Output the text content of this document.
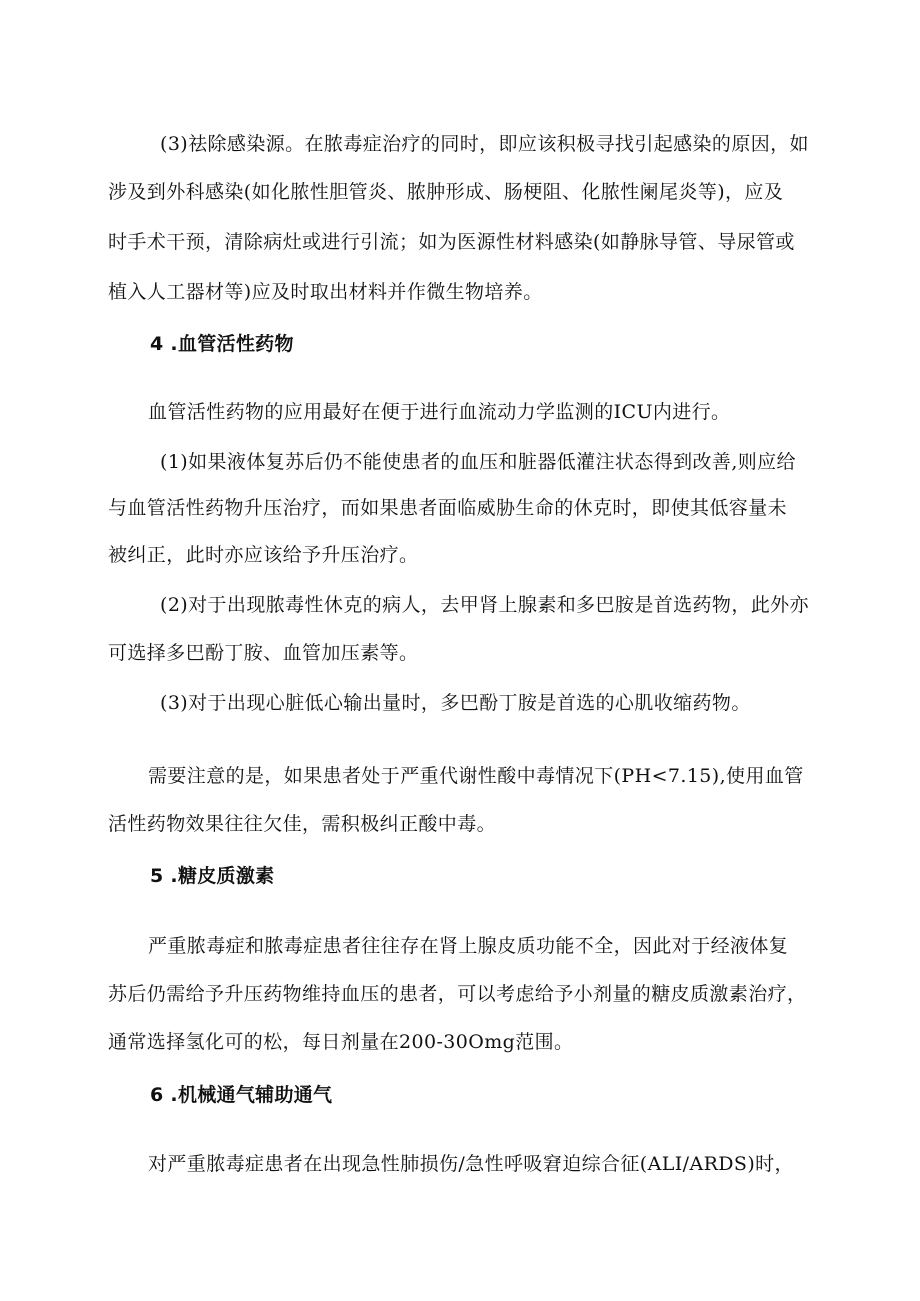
(3)祛除感染源。在脓毒症治疗的同时，即应该积极寻找引起感染的原因，如
涉及到外科感染(如化脓性胆管炎、脓肿形成、肠梗阻、化脓性阑尾炎等)，应及
时手术干预，清除病灶或进行引流；如为医源性材料感染(如静脉导管、导尿管或
植入人工器材等)应及时取出材料并作微生物培养。
4 .血管活性药物
血管活性药物的应用最好在便于进行血流动力学监测的ICU内进行。
(1)如果液体复苏后仍不能使患者的血压和脏器低灌注状态得到改善,则应给
与血管活性药物升压治疗，而如果患者面临威胁生命的休克时，即使其低容量未
被纠正，此时亦应该给予升压治疗。
(2)对于出现脓毒性休克的病人，去甲肾上腺素和多巴胺是首选药物，此外亦
可选择多巴酚丁胺、血管加压素等。
(3)对于出现心脏低心输出量时，多巴酚丁胺是首选的心肌收缩药物。
需要注意的是，如果患者处于严重代谢性酸中毒情况下(PH<7.15),使用血管
活性药物效果往往欠佳，需积极纠正酸中毒。
5 .糖皮质激素
严重脓毒症和脓毒症患者往往存在肾上腺皮质功能不全，因此对于经液体复
苏后仍需给予升压药物维持血压的患者，可以考虑给予小剂量的糖皮质激素治疗，
通常选择氢化可的松，每日剂量在200-30Omg范围。
6 .机械通气辅助通气
对严重脓毒症患者在出现急性肺损伤/急性呼吸窘迫综合征(ALI/ARDS)时，
